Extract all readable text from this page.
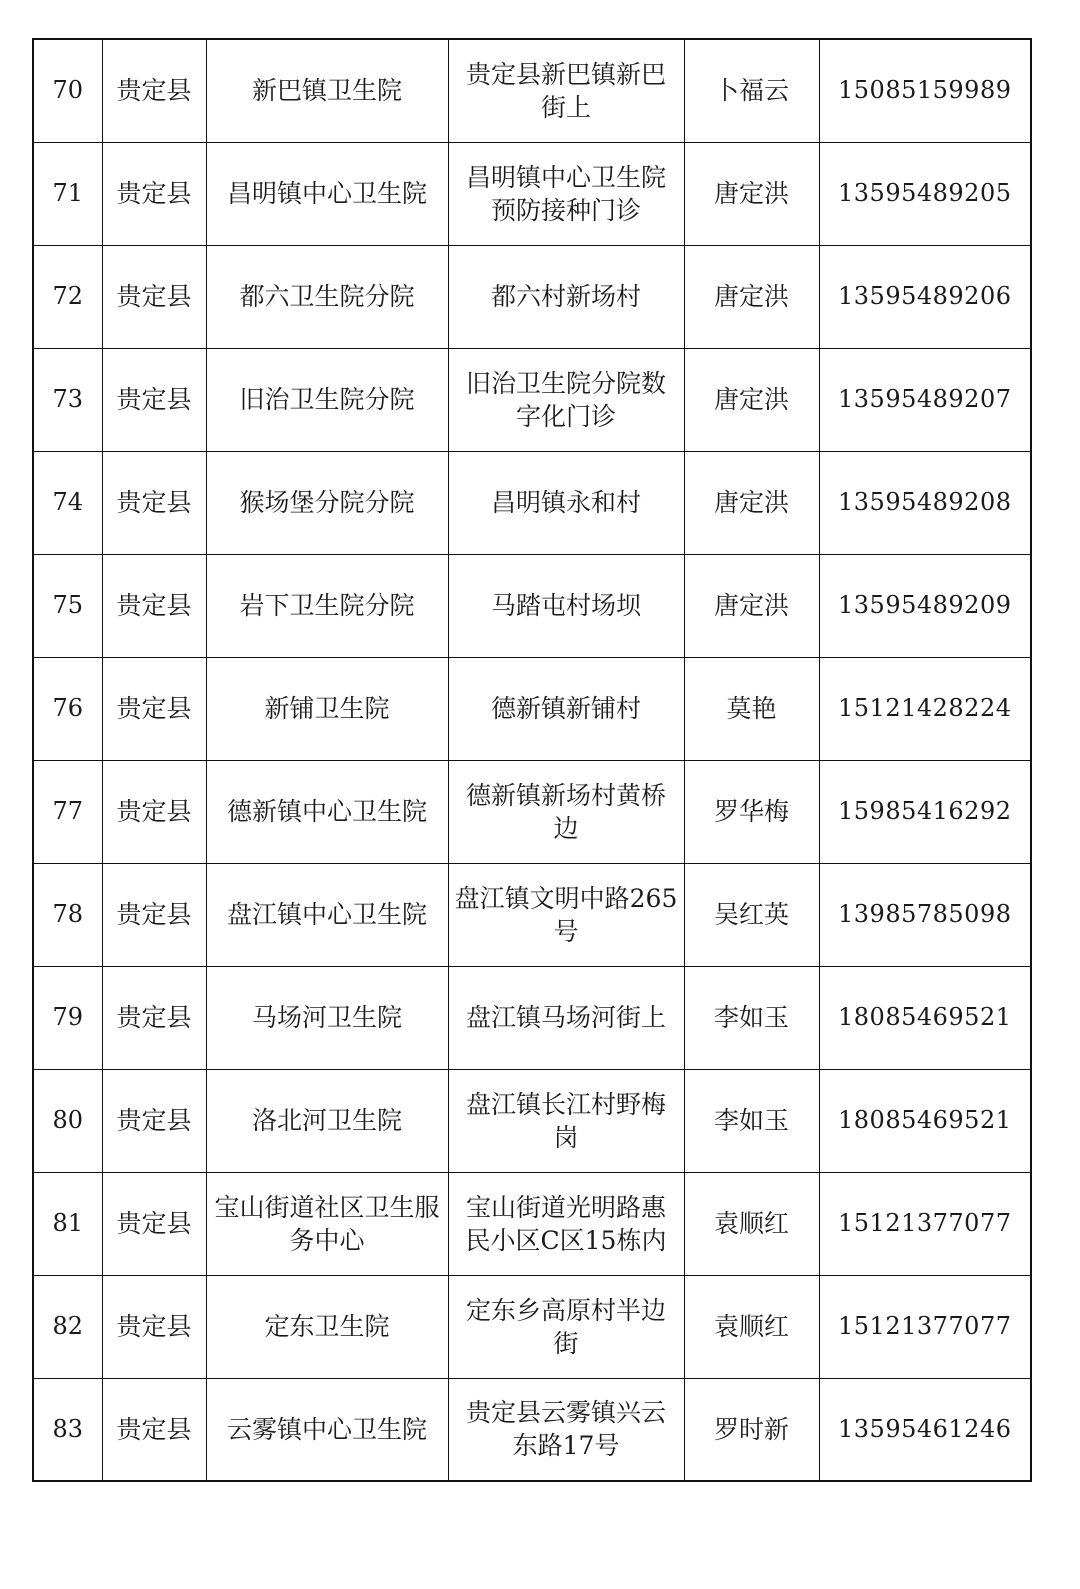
70	贵定县	新巴镇卫生院	贵定县新巴镇新巴街上	卜福云	15085159989
71	贵定县	昌明镇中心卫生院	昌明镇中心卫生院预防接种门诊	唐定洪	13595489205
72	贵定县	都六卫生院分院	都六村新场村	唐定洪	13595489206
73	贵定县	旧治卫生院分院	旧治卫生院分院数字化门诊	唐定洪	13595489207
74	贵定县	猴场堡分院分院	昌明镇永和村	唐定洪	13595489208
75	贵定县	岩下卫生院分院	马踏屯村场坝	唐定洪	13595489209
76	贵定县	新铺卫生院	德新镇新铺村	莫艳	15121428224
77	贵定县	德新镇中心卫生院	德新镇新场村黄桥边	罗华梅	15985416292
78	贵定县	盘江镇中心卫生院	盘江镇文明中路265号	吴红英	13985785098
79	贵定县	马场河卫生院	盘江镇马场河街上	李如玉	18085469521
80	贵定县	洛北河卫生院	盘江镇长江村野梅岗	李如玉	18085469521
81	贵定县	宝山街道社区卫生服务中心	宝山街道光明路惠民小区C区15栋内	袁顺红	15121377077
82	贵定县	定东卫生院	定东乡高原村半边街	袁顺红	15121377077
83	贵定县	云雾镇中心卫生院	贵定县云雾镇兴云东路17号	罗时新	13595461246
